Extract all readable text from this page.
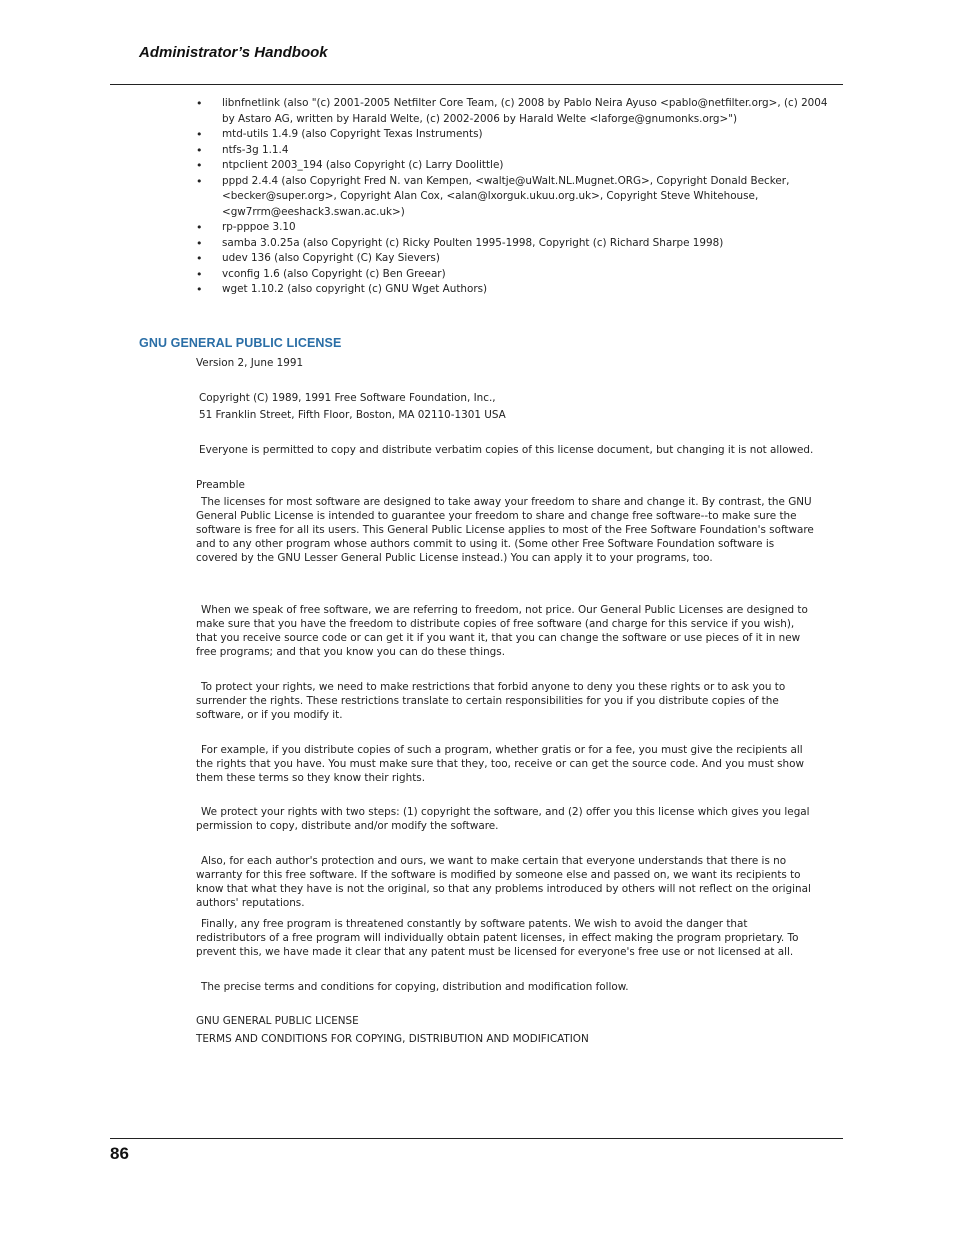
Administrator’s Handbook
• libnfnetlink (also "(c) 2001-2005 Netfilter Core Team, (c) 2008 by Pablo Neira Ayuso <pablo@netfilter.org>, (c) 2004 by Astaro AG, written by Harald Welte, (c) 2002-2006 by Harald Welte <laforge@gnumonks.org>")
• mtd-utils 1.4.9 (also Copyright Texas Instruments)
• ntfs-3g 1.1.4
• ntpclient 2003_194 (also Copyright (c) Larry Doolittle)
• pppd 2.4.4 (also Copyright Fred N. van Kempen, <waltje@uWalt.NL.Mugnet.ORG>, Copyright Donald Becker, <becker@super.org>, Copyright Alan Cox, <alan@lxorguk.ukuu.org.uk>, Copyright Steve Whitehouse, <gw7rrm@eeshack3.swan.ac.uk>)
• rp-pppoe 3.10
• samba 3.0.25a (also Copyright (c) Ricky Poulten 1995-1998, Copyright (c) Richard Sharpe 1998)
• udev 136 (also Copyright (C) Kay Sievers)
• vconfig 1.6 (also Copyright (c) Ben Greear)
• wget 1.10.2 (also copyright (c) GNU Wget Authors)
GNU GENERAL PUBLIC LICENSE
Version 2, June 1991
Copyright (C) 1989, 1991 Free Software Foundation, Inc.,
51 Franklin Street, Fifth Floor, Boston, MA 02110-1301 USA
Everyone is permitted to copy and distribute verbatim copies of this license document, but changing it is not allowed.
Preamble

The licenses for most software are designed to take away your freedom to share and change it. By contrast, the GNU General Public License is intended to guarantee your freedom to share and change free software--to make sure the software is free for all its users. This General Public License applies to most of the Free Software Foundation's software and to any other program whose authors commit to using it. (Some other Free Software Foundation software is covered by the GNU Lesser General Public License instead.) You can apply it to your programs, too.

When we speak of free software, we are referring to freedom, not price. Our General Public Licenses are designed to make sure that you have the freedom to distribute copies of free software (and charge for this service if you wish), that you receive source code or can get it if you want it, that you can change the software or use pieces of it in new free programs; and that you know you can do these things.

To protect your rights, we need to make restrictions that forbid anyone to deny you these rights or to ask you to surrender the rights. These restrictions translate to certain responsibilities for you if you distribute copies of the software, or if you modify it.

For example, if you distribute copies of such a program, whether gratis or for a fee, you must give the recipients all the rights that you have. You must make sure that they, too, receive or can get the source code. And you must show them these terms so they know their rights.

We protect your rights with two steps: (1) copyright the software, and (2) offer you this license which gives you legal permission to copy, distribute and/or modify the software.

Also, for each author's protection and ours, we want to make certain that everyone understands that there is no warranty for this free software. If the software is modified by someone else and passed on, we want its recipients to know that what they have is not the original, so that any problems introduced by others will not reflect on the original authors' reputations.

Finally, any free program is threatened constantly by software patents. We wish to avoid the danger that redistributors of a free program will individually obtain patent licenses, in effect making the program proprietary. To prevent this, we have made it clear that any patent must be licensed for everyone's free use or not licensed at all.

The precise terms and conditions for copying, distribution and modification follow.

GNU GENERAL PUBLIC LICENSE
TERMS AND CONDITIONS FOR COPYING, DISTRIBUTION AND MODIFICATION
86
